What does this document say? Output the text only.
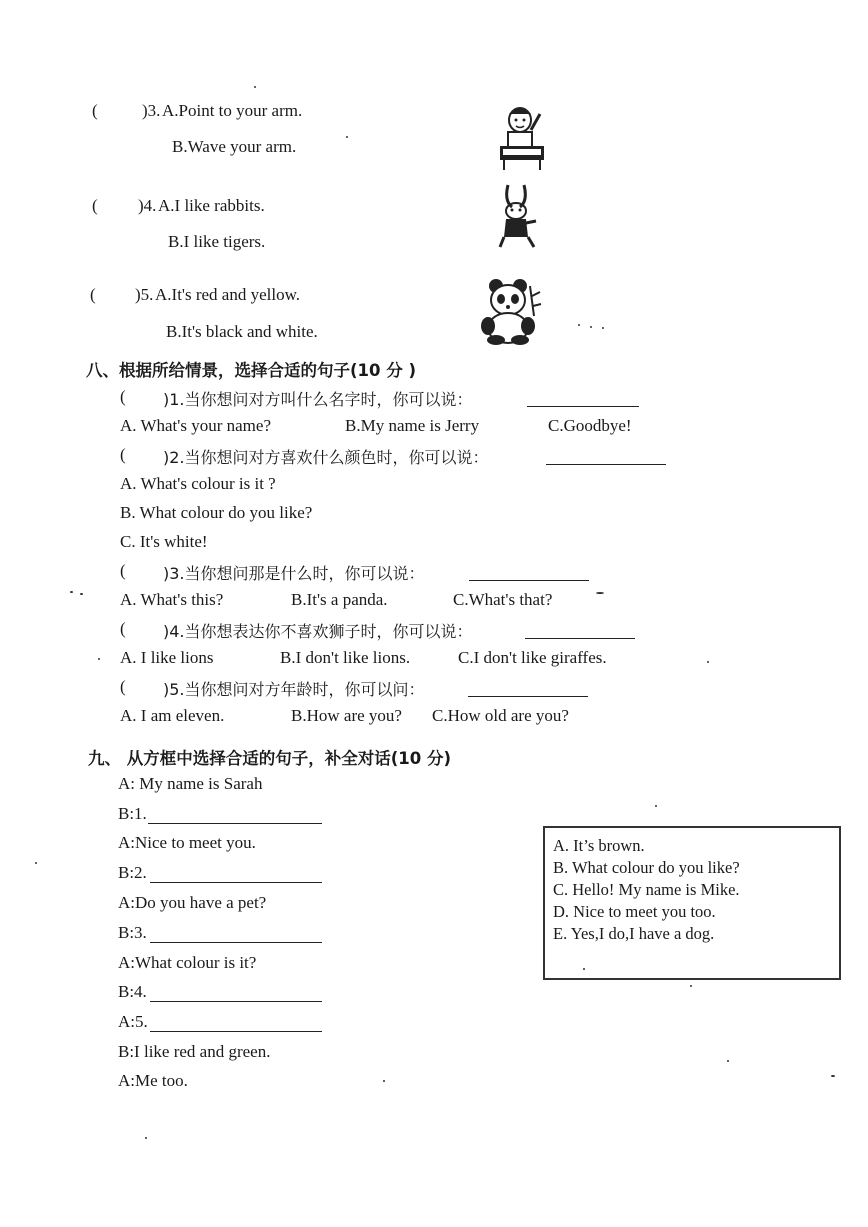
(	)3. A.Point to your arm.
B.Wave your arm.
( )4. A.I like rabbits.
B.I like tigers.
( )5. A.It's red and yellow.
B.It's black and white.
八、根据所给情景，选择合适的句子(10 分 )
( )1.当你想问对方叫什么名字时，你可以说：
A. What's your name?	B.My name is Jerry	C.Goodbye!
( )2.当你想问对方喜欢什么颜色时，你可以说：
A. What's colour is it ?
B. What colour do you like?
C. It's white!
( )3.当你想问那是什么时，你可以说：
A. What's this?	B.It's a panda.	C.What's that?
( )4.当你想表达你不喜欢狮子时，你可以说：
A. I like lions	B.I don't like lions.	C.I don't like giraffes.
( )5.当你想问对方年龄时，你可以问：
A. I am eleven.	B.How are you? C.How old are you?
九、 从方框中选择合适的句子，补全对话(10 分)
A: My name is Sarah
B:1.
A:Nice to meet you.
B:2.
A:Do you have a pet?
B:3.
A:What colour is it?
B:4.
A:5.
B:I like red and green.
A:Me too.
A. It’s brown.
B. What colour do you like?
C. Hello! My name is Mike.
D. Nice to meet you too.
E. Yes,I do,I have a dog.
